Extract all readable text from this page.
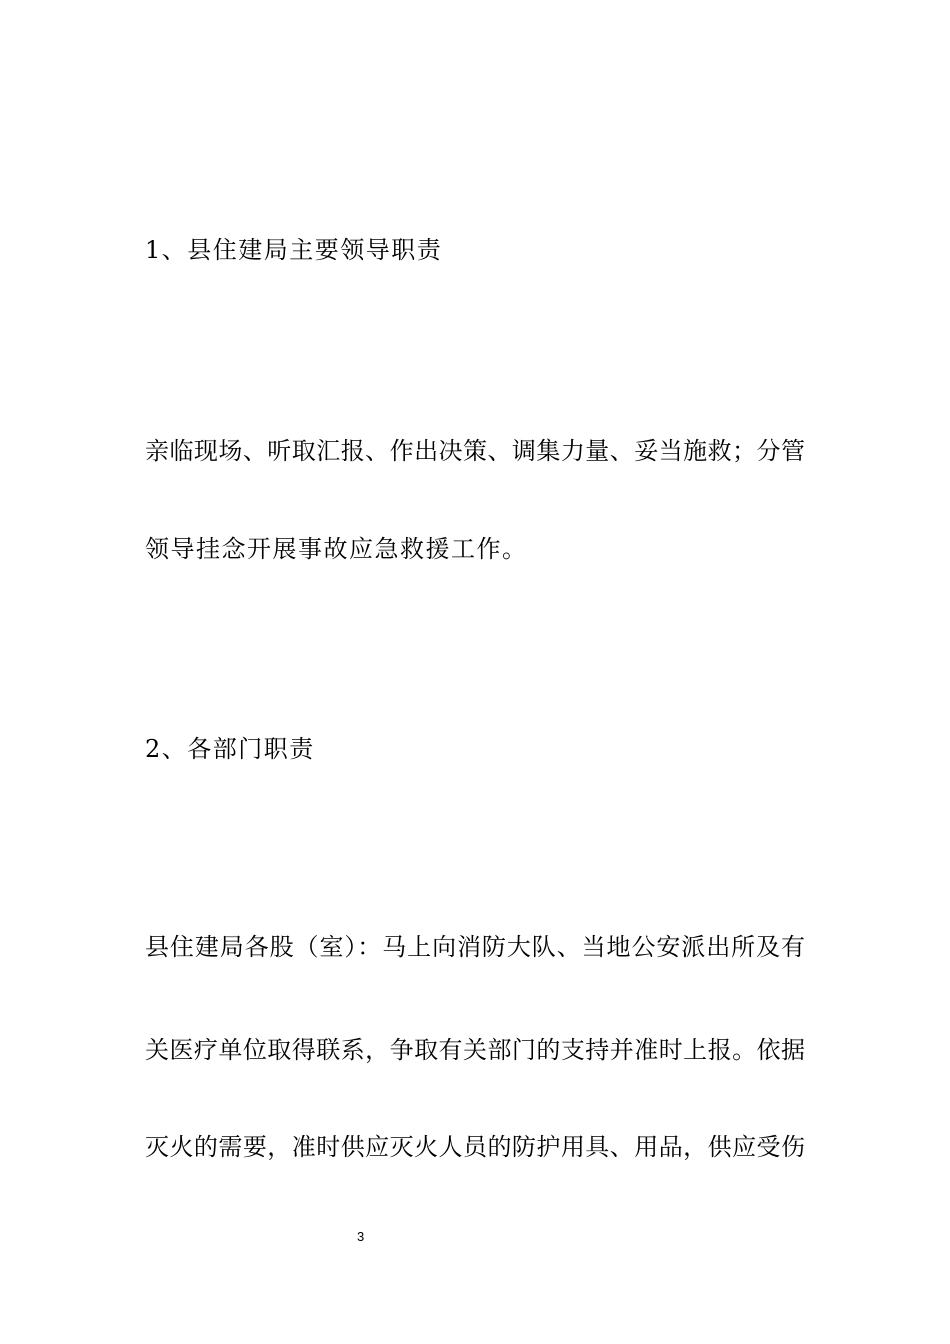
1、县住建局主要领导职责

亲临现场、听取汇报、作出决策、调集力量、妥当施救；分管

领导挂念开展事故应急救援工作。

2、各部门职责

县住建局各股（室）：马上向消防大队、当地公安派出所及有

关医疗单位取得联系，争取有关部门的支持并准时上报。依据

灭火的需要，准时供应灭火人员的防护用具、用品，供应受伤

3
